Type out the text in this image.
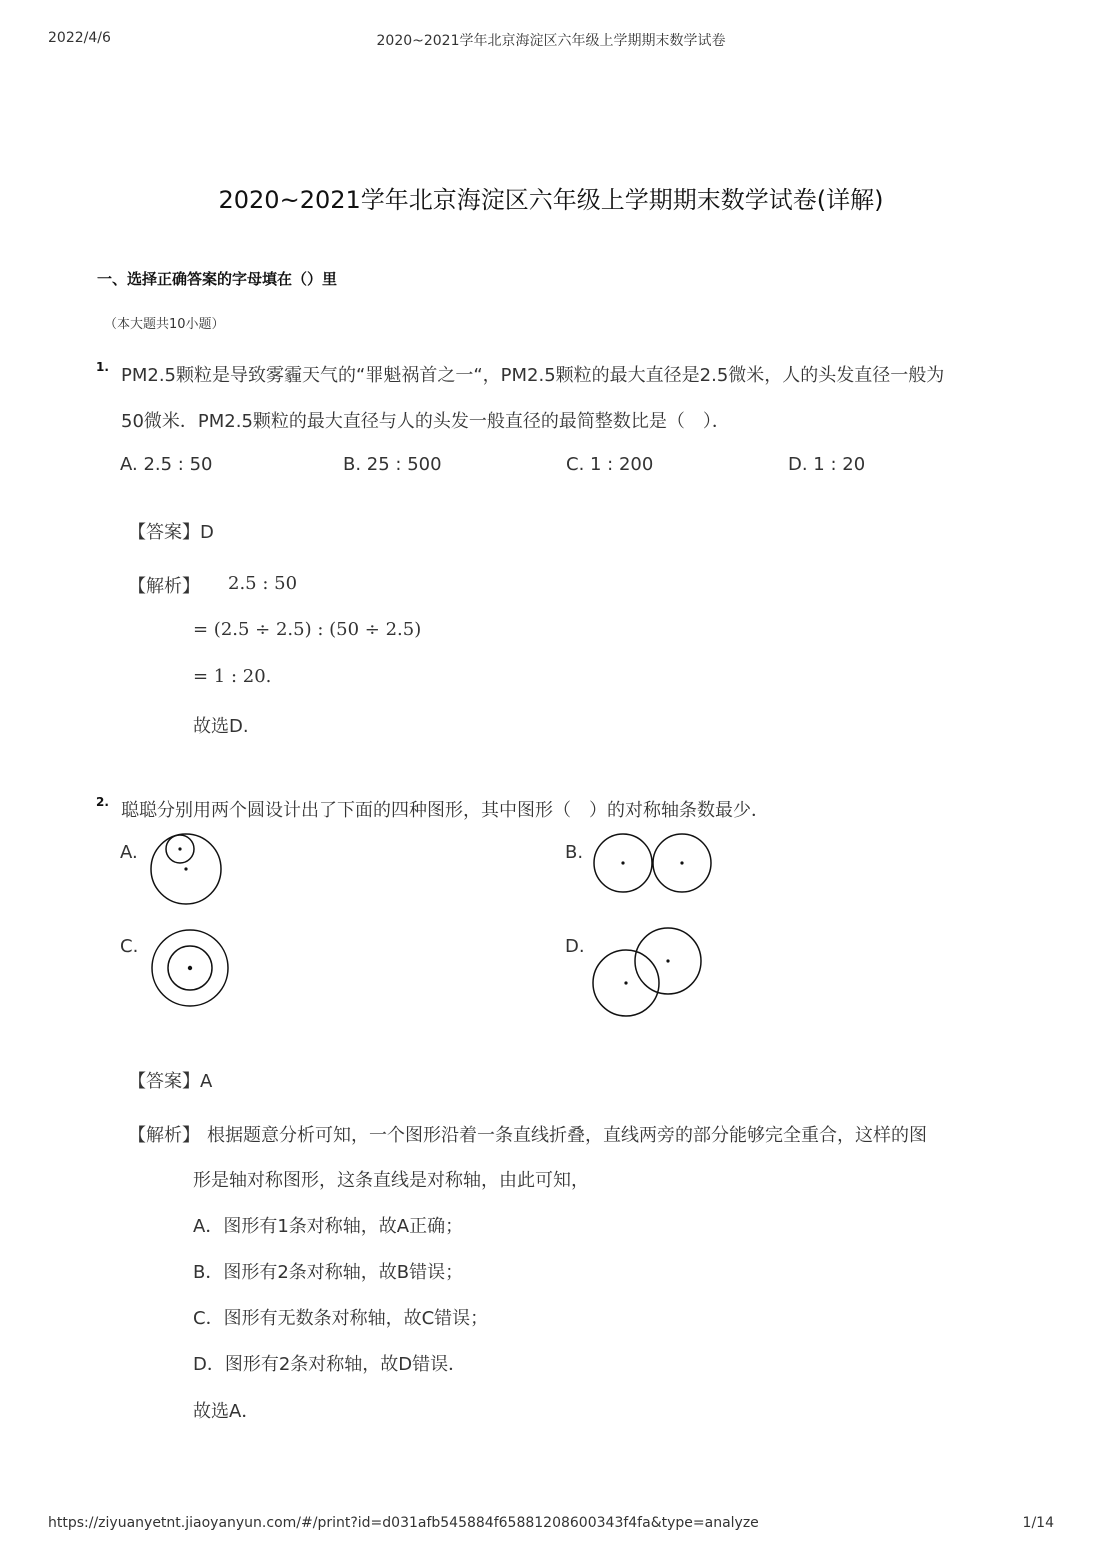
2022/4/6	2020~2021学年北京海淀区六年级上学期期末数学试卷
2020~2021学年北京海淀区六年级上学期期末数学试卷(详解)
一、选择正确答案的字母填在（）里
（本大题共10小题）
1. PM2.5颗粒是导致雾霾天气的“罪魁祸首之一“，PM2.5颗粒的最大直径是2.5微米，人的头发直径一般为
50微米．PM2.5颗粒的最大直径与人的头发一般直径的最简整数比是（　）．
A. 2.5 : 50	B. 25 : 500	C. 1 : 200	D. 1 : 20
【答案】D
【解析】 2.5 : 50
= (2.5 ÷ 2.5) : (50 ÷ 2.5)
= 1 : 20.
故选D.
2. 聪聪分别用两个圆设计出了下面的四种图形，其中图形（　）的对称轴条数最少．
A.	B.
C.	D.
【答案】A
【解析】 根据题意分析可知，一个图形沿着一条直线折叠，直线两旁的部分能够完全重合，这样的图
形是轴对称图形，这条直线是对称轴，由此可知，
A．图形有1条对称轴，故A正确；
B．图形有2条对称轴，故B错误；
C．图形有无数条对称轴，故C错误；
D．图形有2条对称轴，故D错误．
故选A．
https://ziyuanyetnt.jiaoyanyun.com/#/print?id=d031afb545884f65881208600343f4fa&type=analyze	1/14
